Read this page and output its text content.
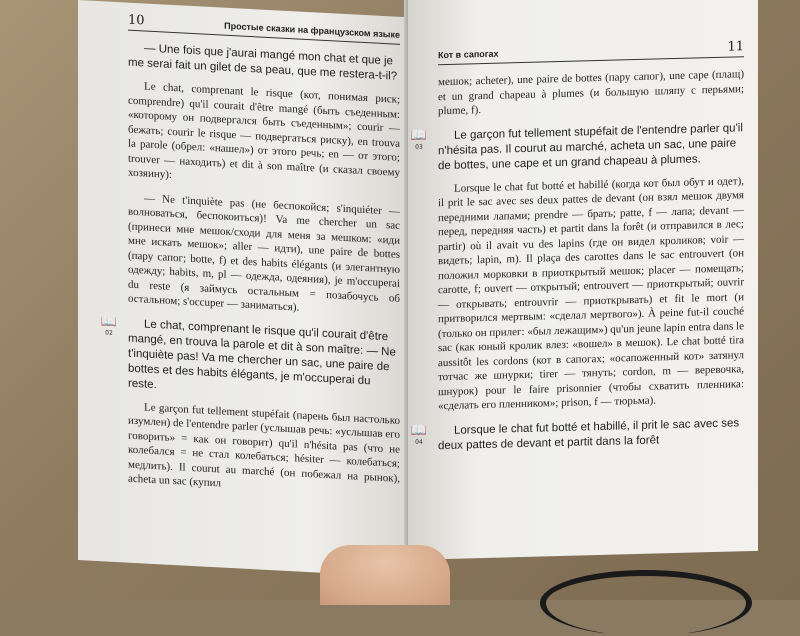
10
Простые сказки на французском языке

— Une fois que j'aurai mangé mon chat et que je me serai fait un gilet de sa peau, que me restera-t-il?

Le chat, comprenant le risque (кот, понимая риск; comprendre) qu'il courait d'être mangé (быть съеденным: «которому он подвергался быть съеденным»; courir — бежать; courir le risque — подвергаться риску), en trouva la parole (обрел: «нашел») от этого речь; en — от этого; trouver — находить) et dit à son maître (и сказал своему хозяину):

— Ne t'inquiète pas (не беспокойся; s'inquiéter — волноваться, беспокоиться)! Va me chercher un sac (принеси мне мешок/сходи для меня за мешком: «иди мне искать мешок»; aller — идти), une paire de bottes (пару сапог; botte, f) et des habits élégants (и элегантную одежду; habits, m, pl — одежда, одеяния), je m'occuperai du reste (я займусь остальным = позабочусь об остальном; s'occuper — заниматься).

📖
02	Le chat, comprenant le risque qu'il courait d'être mangé, en trouva la parole et dit à son maître: — Ne t'inquiète pas! Va me chercher un sac, une paire de bottes et des habits élégants, je m'occuperai du reste.

Le garçon fut tellement stupéfait (парень был настолько изумлен) de l'entendre parler (услышав речь: «услышав его говорить» = как он говорит) qu'il n'hésita pas (что не колебался = не стал колебаться; hésiter — колебаться; медлить). Il courut au marché (он побежал на рынок), acheta un sac (купил

Кот в сапогах	11

мешок; acheter), une paire de bottes (пару сапог), une cape (плащ) et un grand chapeau à plumes (и большую шляпу с перьями; plume, f).

📖
03

Le garçon fut tellement stupéfait de l'entendre parler qu'il n'hésita pas. Il courut au marché, acheta un sac, une paire de bottes, une cape et un grand chapeau à plumes.

Lorsque le chat fut botté et habillé (когда кот был обут и одет), il prit le sac avec ses deux pattes de devant (он взял мешок двумя передними лапами; prendre — брать; patte, f — лапа; devant — перед, передняя часть) et partit dans la forêt (и отправился в лес; partir) où il avait vu des lapins (где он видел кроликов; voir — видеть; lapin, m). Il plaça des carottes dans le sac entrouvert (он положил морковки в приоткрытый мешок; placer — помещать; carotte, f; ouvert — открытый; entrouvert — приоткрытый; ouvrir — открывать; entrouvrir — приоткрывать) et fit le mort (и притворился мертвым: «сделал мертвого»). À peine fut-il couché (только он прилег: «был лежащим») qu'un jeune lapin entra dans le sac (как юный кролик влез: «вошел» в мешок). Le chat botté tira aussitôt les cordons (кот в сапогах; «осапоженный кот» затянул тотчас же шнурки; tirer — тянуть; cordon, m — веревочка, шнурок) pour le faire prisonnier (чтобы схватить пленника: «сделать его пленником»; prison, f — тюрьма).

📖
04

Lorsque le chat fut botté et habillé, il prit le sac avec ses deux pattes de devant et partit dans la forêt
